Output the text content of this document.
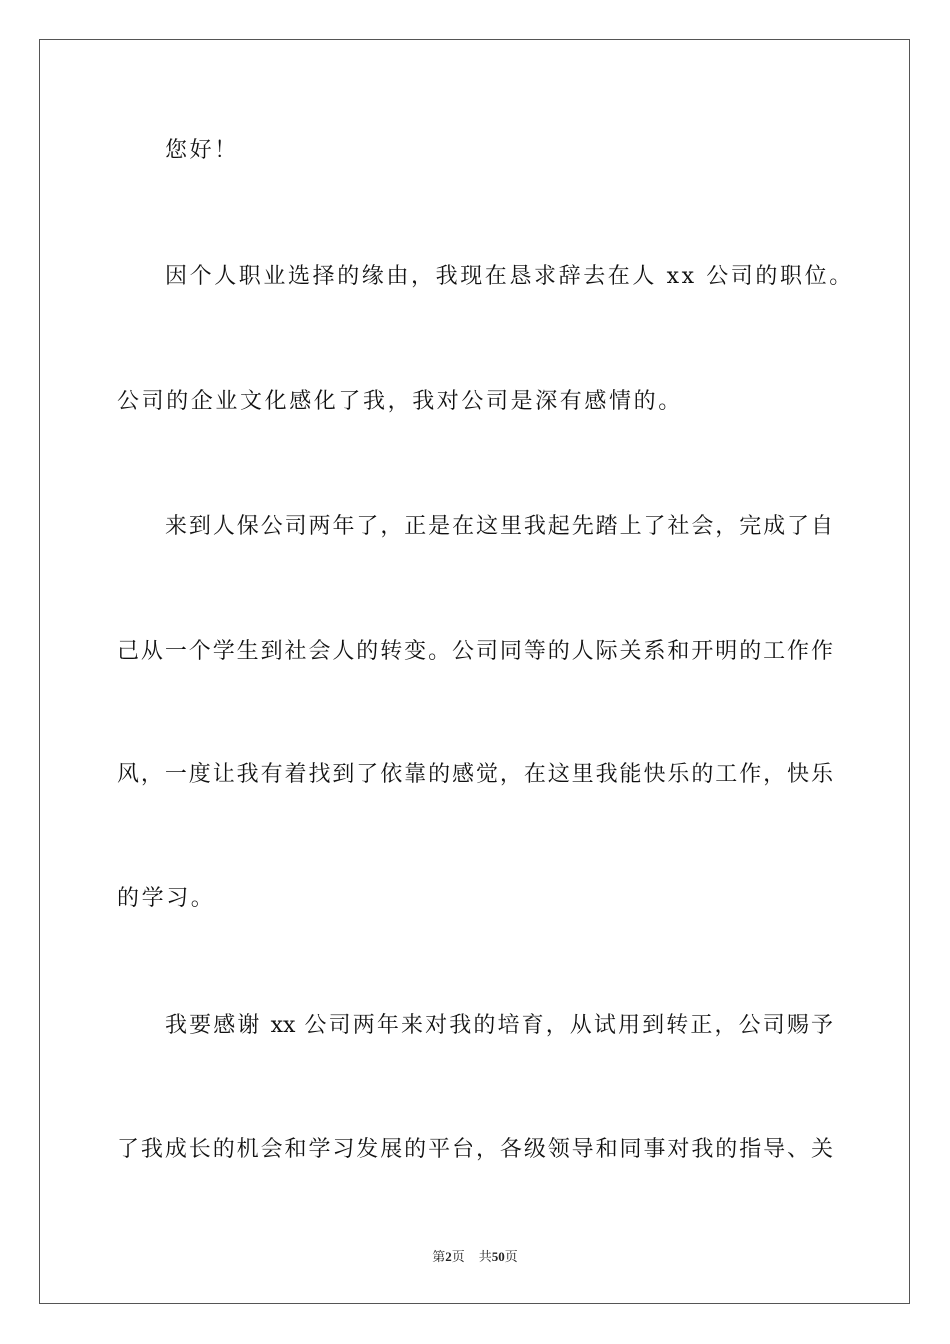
您好！
因个人职业选择的缘由，我现在恳求辞去在人 xx 公司的职位。
公司的企业文化感化了我，我对公司是深有感情的。
来到人保公司两年了，正是在这里我起先踏上了社会，完成了自
己从一个学生到社会人的转变。公司同等的人际关系和开明的工作作
风，一度让我有着找到了依靠的感觉，在这里我能快乐的工作，快乐
的学习。
我要感谢 xx 公司两年来对我的培育，从试用到转正，公司赐予
了我成长的机会和学习发展的平台，各级领导和同事对我的指导、关
第2页 共50页
